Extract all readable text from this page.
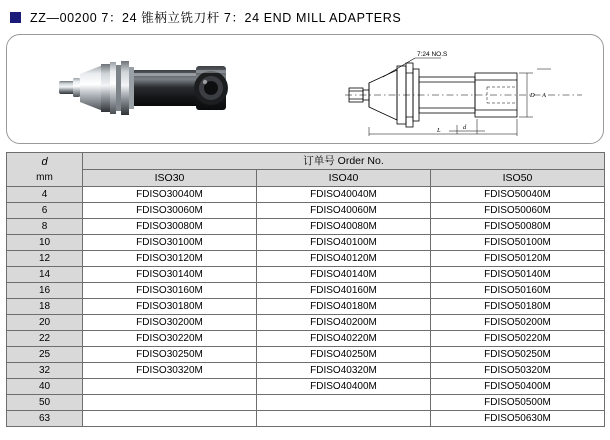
ZZ—00200 7：24 锥柄立铣刀杆 7：24 END MILL ADAPTERS
7:24 NO.S
d
D
L
A
d
mm	订单号 Order No.		
	ISO30	ISO40	ISO50
4	FDISO30040M	FDISO40040M	FDISO50040M
6	FDISO30060M	FDISO40060M	FDISO50060M
8	FDISO30080M	FDISO40080M	FDISO50080M
10	FDISO30100M	FDISO40100M	FDISO50100M
12	FDISO30120M	FDISO40120M	FDISO50120M
14	FDISO30140M	FDISO40140M	FDISO50140M
16	FDISO30160M	FDISO40160M	FDISO50160M
18	FDISO30180M	FDISO40180M	FDISO50180M
20	FDISO30200M	FDISO40200M	FDISO50200M
22	FDISO30220M	FDISO40220M	FDISO50220M
25	FDISO30250M	FDISO40250M	FDISO50250M
32	FDISO30320M	FDISO40320M	FDISO50320M
40		FDISO40400M	FDISO50400M
50			FDISO50500M
63			FDISO50630M
